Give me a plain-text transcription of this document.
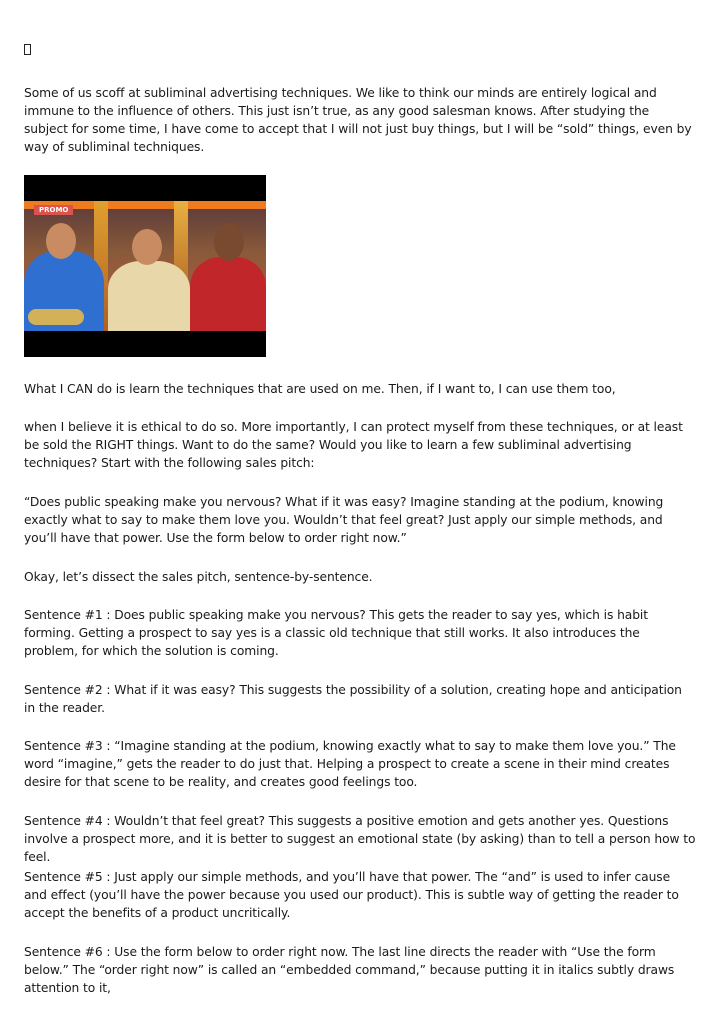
Some of us scoff at subliminal advertising techniques. We like to think our minds are entirely logical and immune to the influence of others. This just isn’t true, as any good salesman knows. After studying the subject for some time, I have come to accept that I will not just buy things, but I will be “sold” things, even by way of subliminal techniques.

PROMO

What I CAN do is learn the techniques that are used on me. Then, if I want to, I can use them too,

when I believe it is ethical to do so. More importantly, I can protect myself from these techniques, or at least be sold the RIGHT things. Want to do the same? Would you like to learn a few subliminal advertising techniques? Start with the following sales pitch:

“Does public speaking make you nervous? What if it was easy? Imagine standing at the podium, knowing exactly what to say to make them love you. Wouldn’t that feel great? Just apply our simple methods, and you’ll have that power. Use the form below to order right now.”

Okay, let’s dissect the sales pitch, sentence-by-sentence.

Sentence #1 : Does public speaking make you nervous? This gets the reader to say yes, which is habit forming. Getting a prospect to say yes is a classic old technique that still works. It also introduces the problem, for which the solution is coming.

Sentence #2 : What if it was easy? This suggests the possibility of a solution, creating hope and anticipation in the reader.

Sentence #3 : “Imagine standing at the podium, knowing exactly what to say to make them love you.” The word “imagine,” gets the reader to do just that. Helping a prospect to create a scene in their mind creates desire for that scene to be reality, and creates good feelings too.

Sentence #4 : Wouldn’t that feel great? This suggests a positive emotion and gets another yes. Questions involve a prospect more, and it is better to suggest an emotional state (by asking) than to tell a person how to feel.

Sentence #5 : Just apply our simple methods, and you’ll have that power. The “and” is used to infer cause and effect (you’ll have the power because you used our product). This is subtle way of getting the reader to accept the benefits of a product uncritically.

Sentence #6 : Use the form below to order right now. The last line directs the reader with “Use the form below.” The “order right now” is called an “embedded command,” because putting it in italics subtly draws attention to it,
